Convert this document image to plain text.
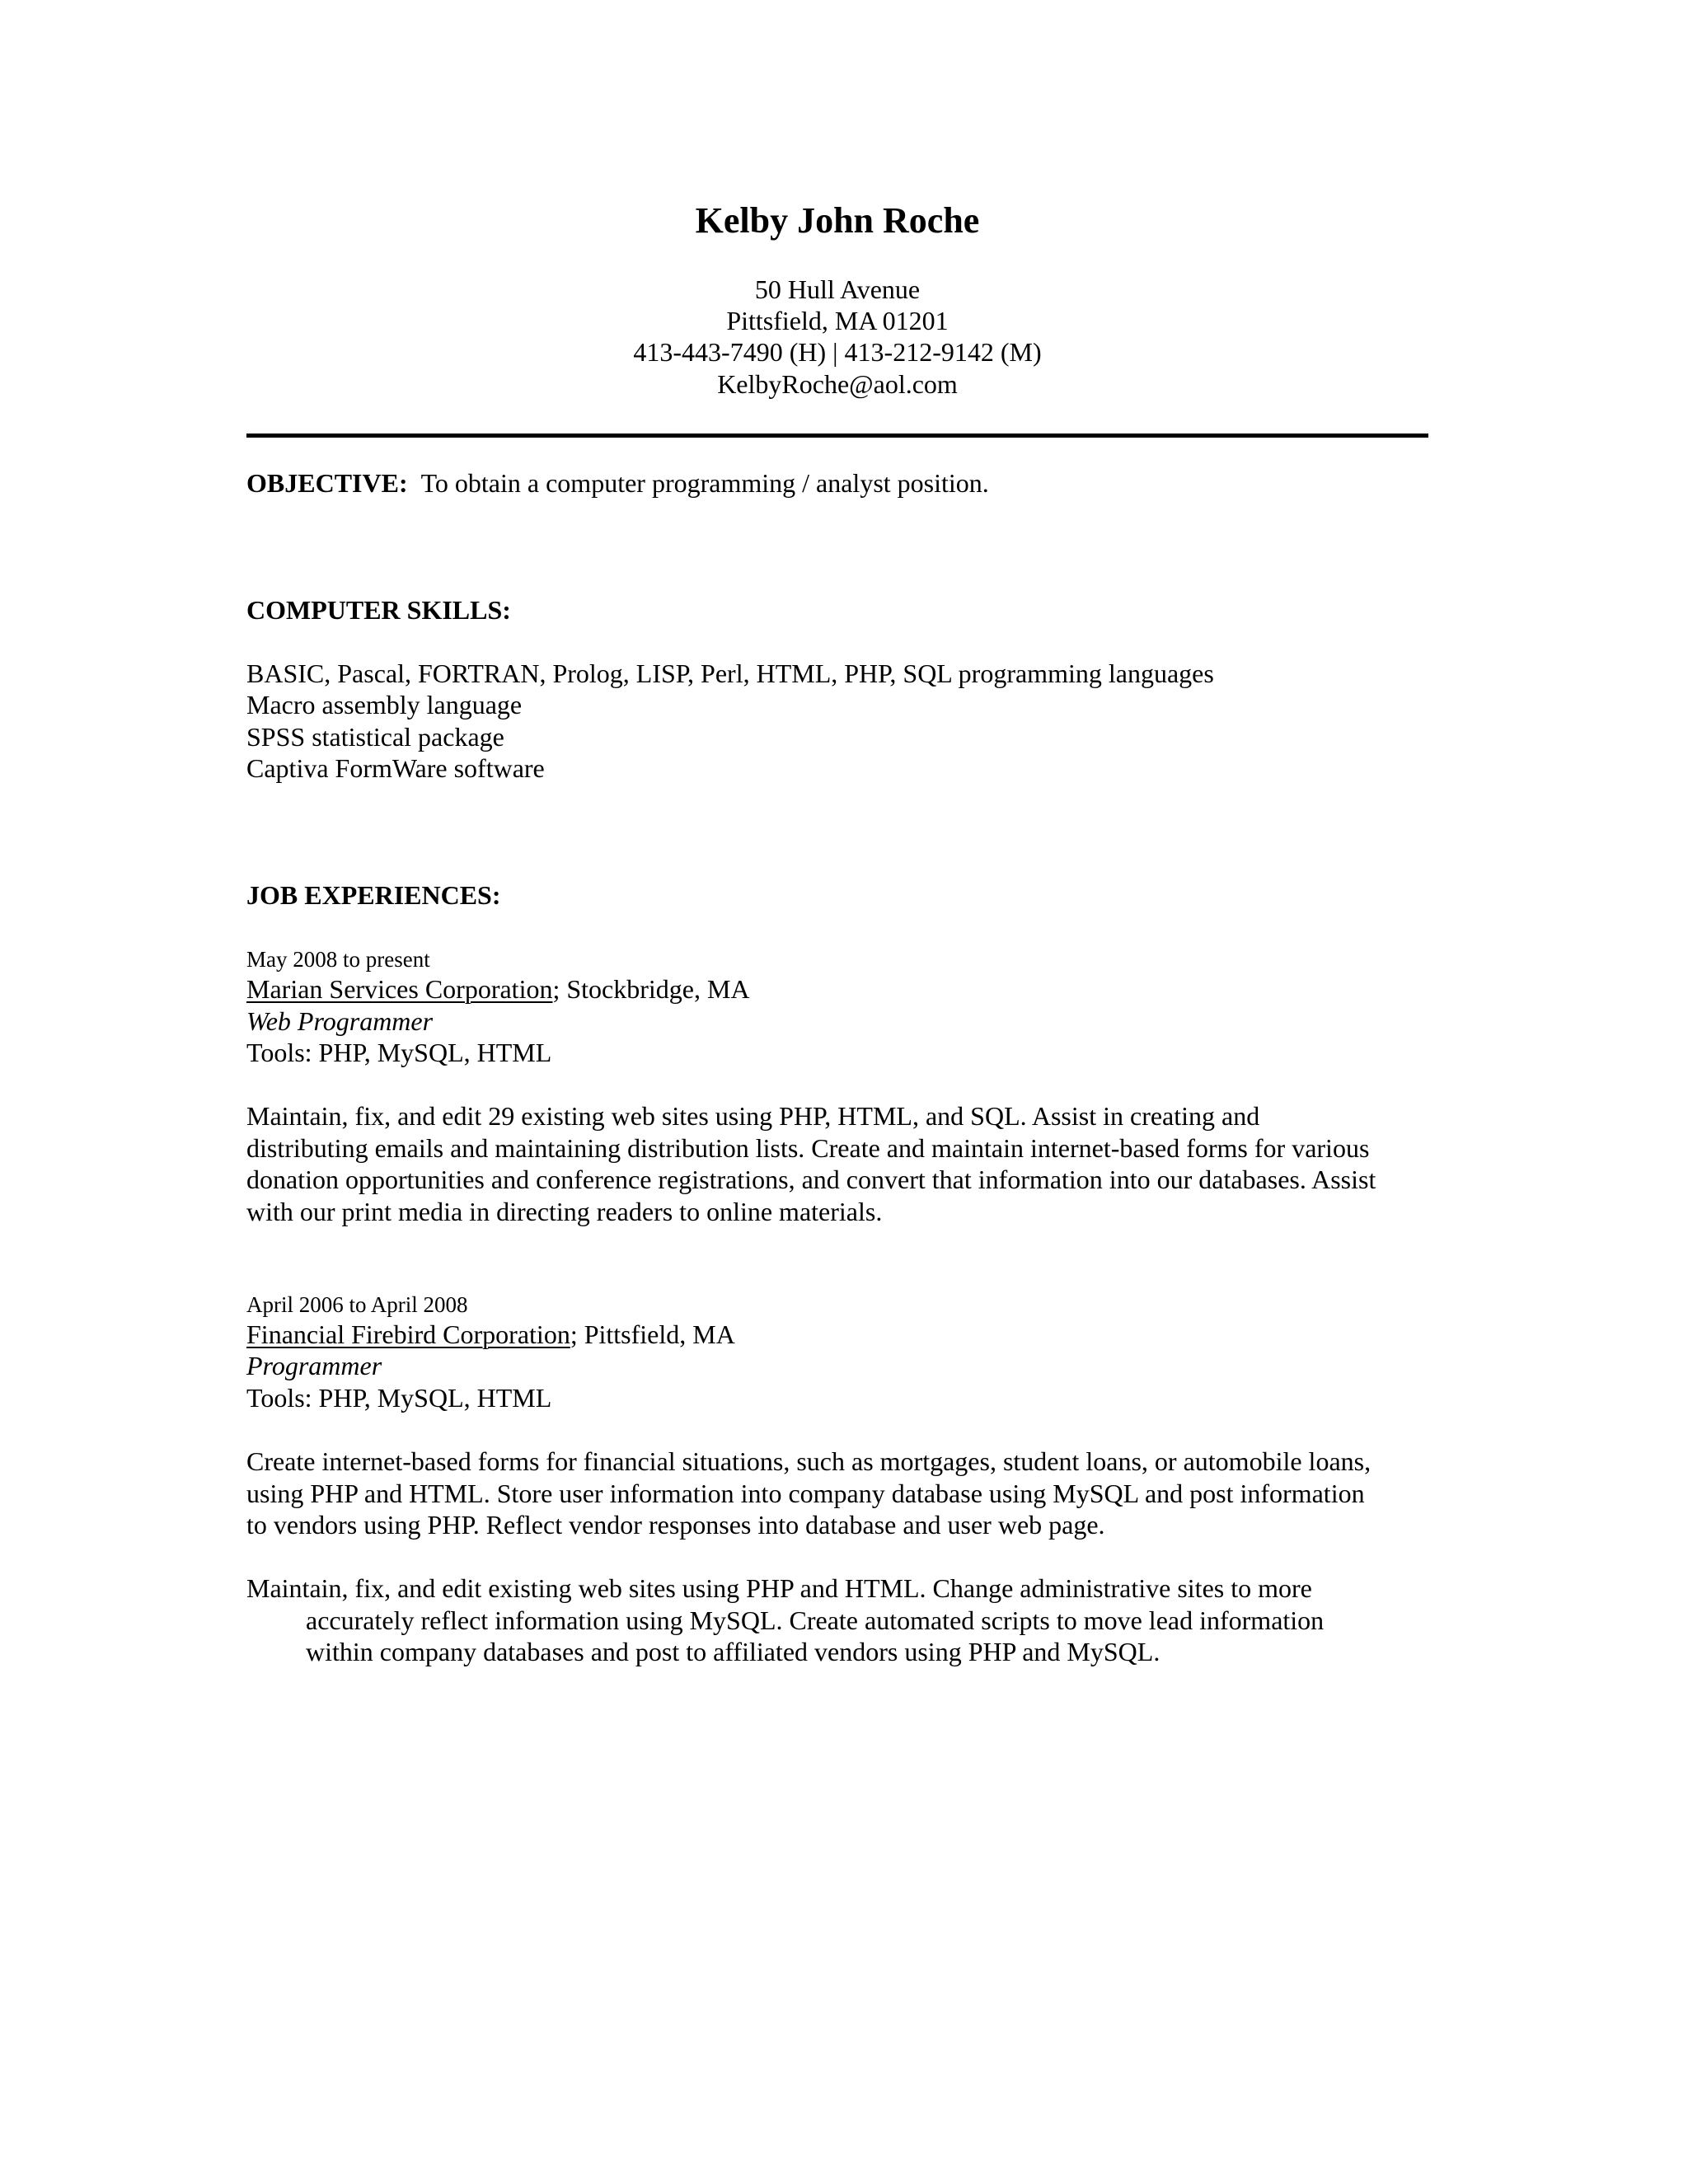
Kelby John Roche
50 Hull Avenue
Pittsfield, MA 01201
413-443-7490 (H) | 413-212-9142 (M)
KelbyRoche@aol.com
OBJECTIVE: To obtain a computer programming / analyst position.
COMPUTER SKILLS:
BASIC, Pascal, FORTRAN, Prolog, LISP, Perl, HTML, PHP, SQL programming languages
Macro assembly language
SPSS statistical package
Captiva FormWare software
JOB EXPERIENCES:
May 2008 to present
Marian Services Corporation; Stockbridge, MA
Web Programmer
Tools: PHP, MySQL, HTML
Maintain, fix, and edit 29 existing web sites using PHP, HTML, and SQL. Assist in creating and
distributing emails and maintaining distribution lists. Create and maintain internet-based forms for various
donation opportunities and conference registrations, and convert that information into our databases. Assist
with our print media in directing readers to online materials.
April 2006 to April 2008
Financial Firebird Corporation; Pittsfield, MA
Programmer
Tools: PHP, MySQL, HTML
Create internet-based forms for financial situations, such as mortgages, student loans, or automobile loans,
using PHP and HTML. Store user information into company database using MySQL and post information
to vendors using PHP. Reflect vendor responses into database and user web page.
Maintain, fix, and edit existing web sites using PHP and HTML. Change administrative sites to more
accurately reflect information using MySQL. Create automated scripts to move lead information
within company databases and post to affiliated vendors using PHP and MySQL.
